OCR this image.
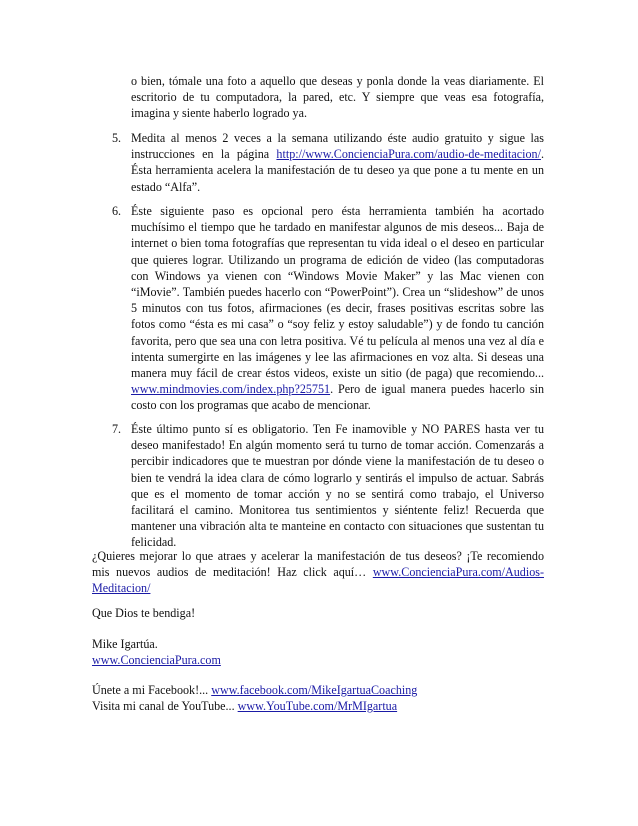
o bien, tómale una foto a aquello que deseas y ponla donde la veas diariamente. El escritorio de tu computadora, la pared, etc. Y siempre que veas esa fotografía, imagina y siente haberlo logrado ya.

5. Medita al menos 2 veces a la semana utilizando éste audio gratuito y sigue las instrucciones en la página http://www.ConcienciaPura.com/audio-de-meditacion/. Ésta herramienta acelera la manifestación de tu deseo ya que pone a tu mente en un estado “Alfa”.

6. Éste siguiente paso es opcional pero ésta herramienta también ha acortado muchísimo el tiempo que he tardado en manifestar algunos de mis deseos... Baja de internet o bien toma fotografías que representan tu vida ideal o el deseo en particular que quieres lograr. Utilizando un programa de edición de video (las computadoras con Windows ya vienen con “Windows Movie Maker” y las Mac vienen con “iMovie”. También puedes hacerlo con “PowerPoint”). Crea un “slideshow” de unos 5 minutos con tus fotos, afirmaciones (es decir, frases positivas escritas sobre las fotos como “ésta es mi casa” o “soy feliz y estoy saludable”) y de fondo tu canción favorita, pero que sea una con letra positiva. Vé tu película al menos una vez al día e intenta sumergirte en las imágenes y lee las afirmaciones en voz alta. Si deseas una manera muy fácil de crear éstos videos, existe un sitio (de paga) que recomiendo... www.mindmovies.com/index.php?25751. Pero de igual manera puedes hacerlo sin costo con los programas que acabo de mencionar.

7. Éste último punto sí es obligatorio. Ten Fe inamovible y NO PARES hasta ver tu deseo manifestado! En algún momento será tu turno de tomar acción. Comenzarás a percibir indicadores que te muestran por dónde viene la manifestación de tu deseo o bien te vendrá la idea clara de cómo lograrlo y sentirás el impulso de actuar. Sabrás que es el momento de tomar acción y no se sentirá como trabajo, el Universo facilitará el camino. Monitorea tus sentimientos y siéntente feliz! Recuerda que mantener una vibración alta te manteine en contacto con situaciones que sustentan tu felicidad.

¿Quieres mejorar lo que atraes y acelerar la manifestación de tus deseos? ¡Te recomiendo mis nuevos audios de meditación! Haz click aquí… www.ConcienciaPura.com/Audios-Meditacion/

Que Dios te bendiga!

Mike Igartúa.

www.ConcienciaPura.com

Únete a mi Facebook!... www.facebook.com/MikeIgartuaCoaching

Visita mi canal de YouTube... www.YouTube.com/MrMIgartua
